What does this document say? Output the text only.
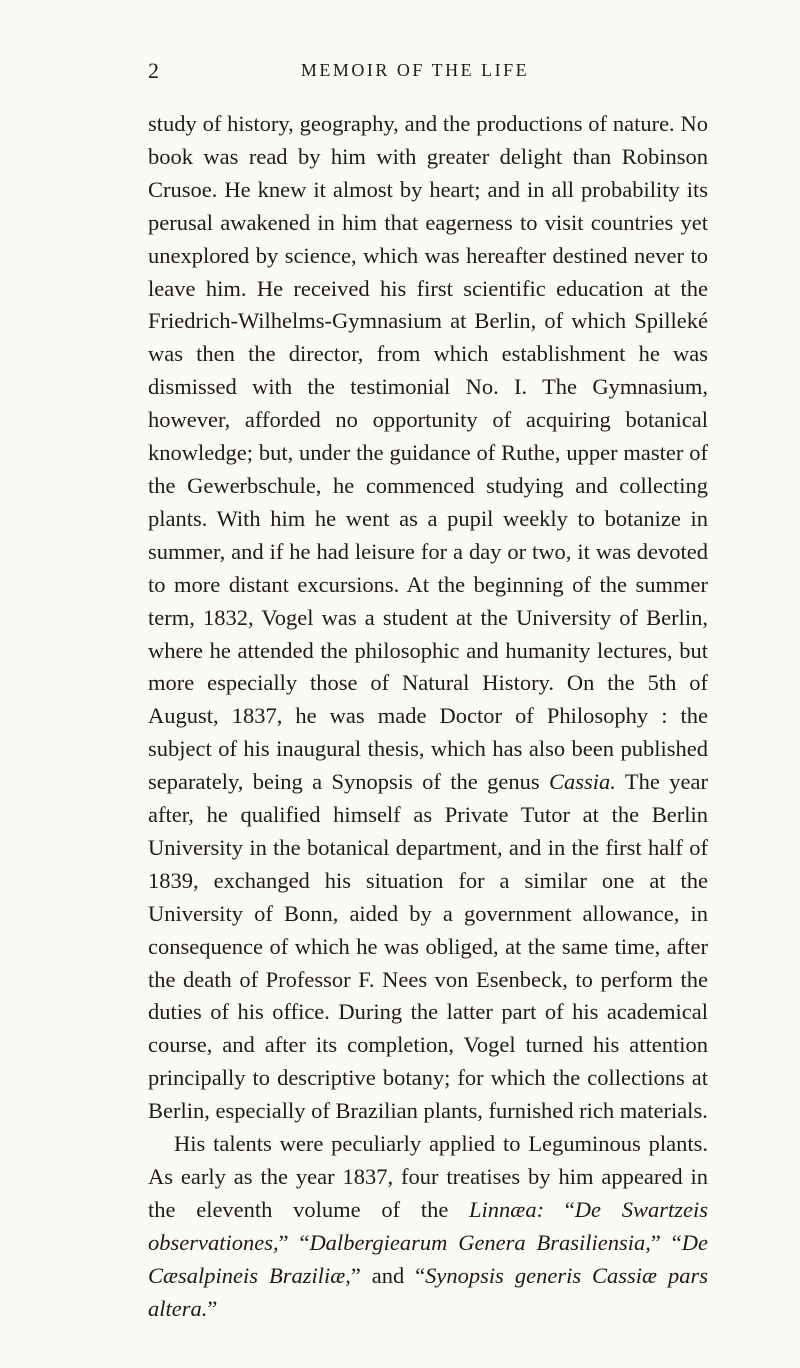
2	MEMOIR OF THE LIFE

study of history, geography, and the productions of nature. No book was read by him with greater delight than Robinson Crusoe. He knew it almost by heart; and in all probability its perusal awakened in him that eagerness to visit countries yet unexplored by science, which was hereafter destined never to leave him. He received his first scientific education at the Friedrich-Wilhelms-Gymnasium at Berlin, of which Spilleké was then the director, from which establishment he was dismissed with the testimonial No. I. The Gymnasium, however, afforded no opportunity of acquiring botanical knowledge; but, under the guidance of Ruthe, upper master of the Gewerbschule, he commenced studying and collecting plants. With him he went as a pupil weekly to botanize in summer, and if he had leisure for a day or two, it was devoted to more distant excursions. At the beginning of the summer term, 1832, Vogel was a student at the University of Berlin, where he attended the philosophic and humanity lectures, but more especially those of Natural History. On the 5th of August, 1837, he was made Doctor of Philosophy : the subject of his inaugural thesis, which has also been published separately, being a Synopsis of the genus Cassia. The year after, he qualified himself as Private Tutor at the Berlin University in the botanical department, and in the first half of 1839, exchanged his situation for a similar one at the University of Bonn, aided by a government allowance, in consequence of which he was obliged, at the same time, after the death of Professor F. Nees von Esenbeck, to perform the duties of his office. During the latter part of his academical course, and after its completion, Vogel turned his attention principally to descriptive botany; for which the collections at Berlin, especially of Brazilian plants, furnished rich materials.

His talents were peculiarly applied to Leguminous plants. As early as the year 1837, four treatises by him appeared in the eleventh volume of the Linnæa: “De Swartzeis observationes,” “Dalbergiearum Genera Brasiliensia,” “De Cæsalpineis Braziliæ,” and “Synopsis generis Cassiæ pars altera.”
